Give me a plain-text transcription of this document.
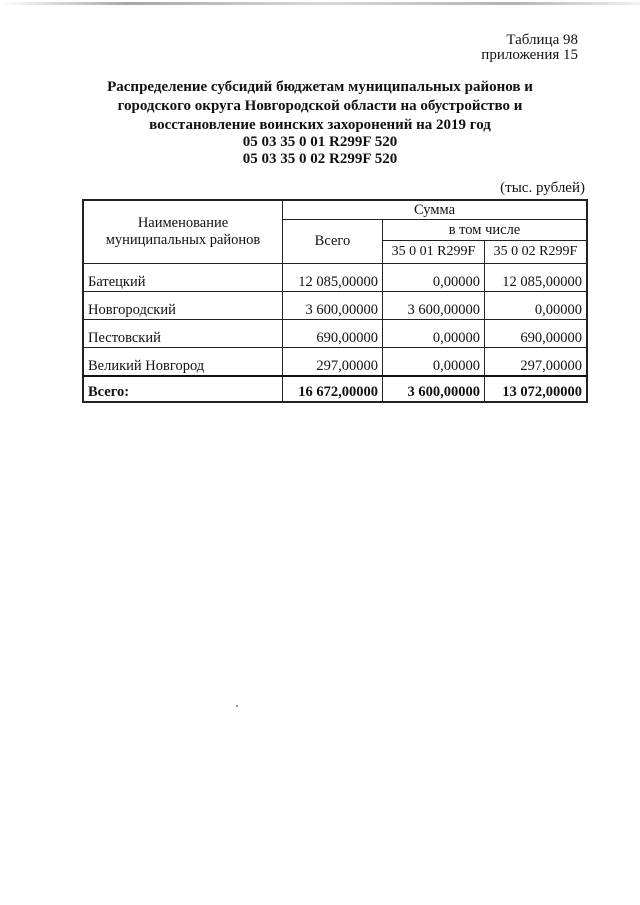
Таблица 98
приложения 15
Распределение субсидий бюджетам муниципальных районов и
городского округа Новгородской области на обустройство и
восстановление воинских захоронений на 2019 год
05 03 35 0 01 R299F 520
05 03 35 0 02 R299F 520
(тыс. рублей)
Наименование муниципальных районов	Сумма		
	Всего	в том числе	
		35 0 01 R299F	35 0 02 R299F
Батецкий	12 085,00000	0,00000	12 085,00000
Новгородский	3 600,00000	3 600,00000	0,00000
Пестовский	690,00000	0,00000	690,00000
Великий Новгород	297,00000	0,00000	297,00000
Всего:	16 672,00000	3 600,00000	13 072,00000
